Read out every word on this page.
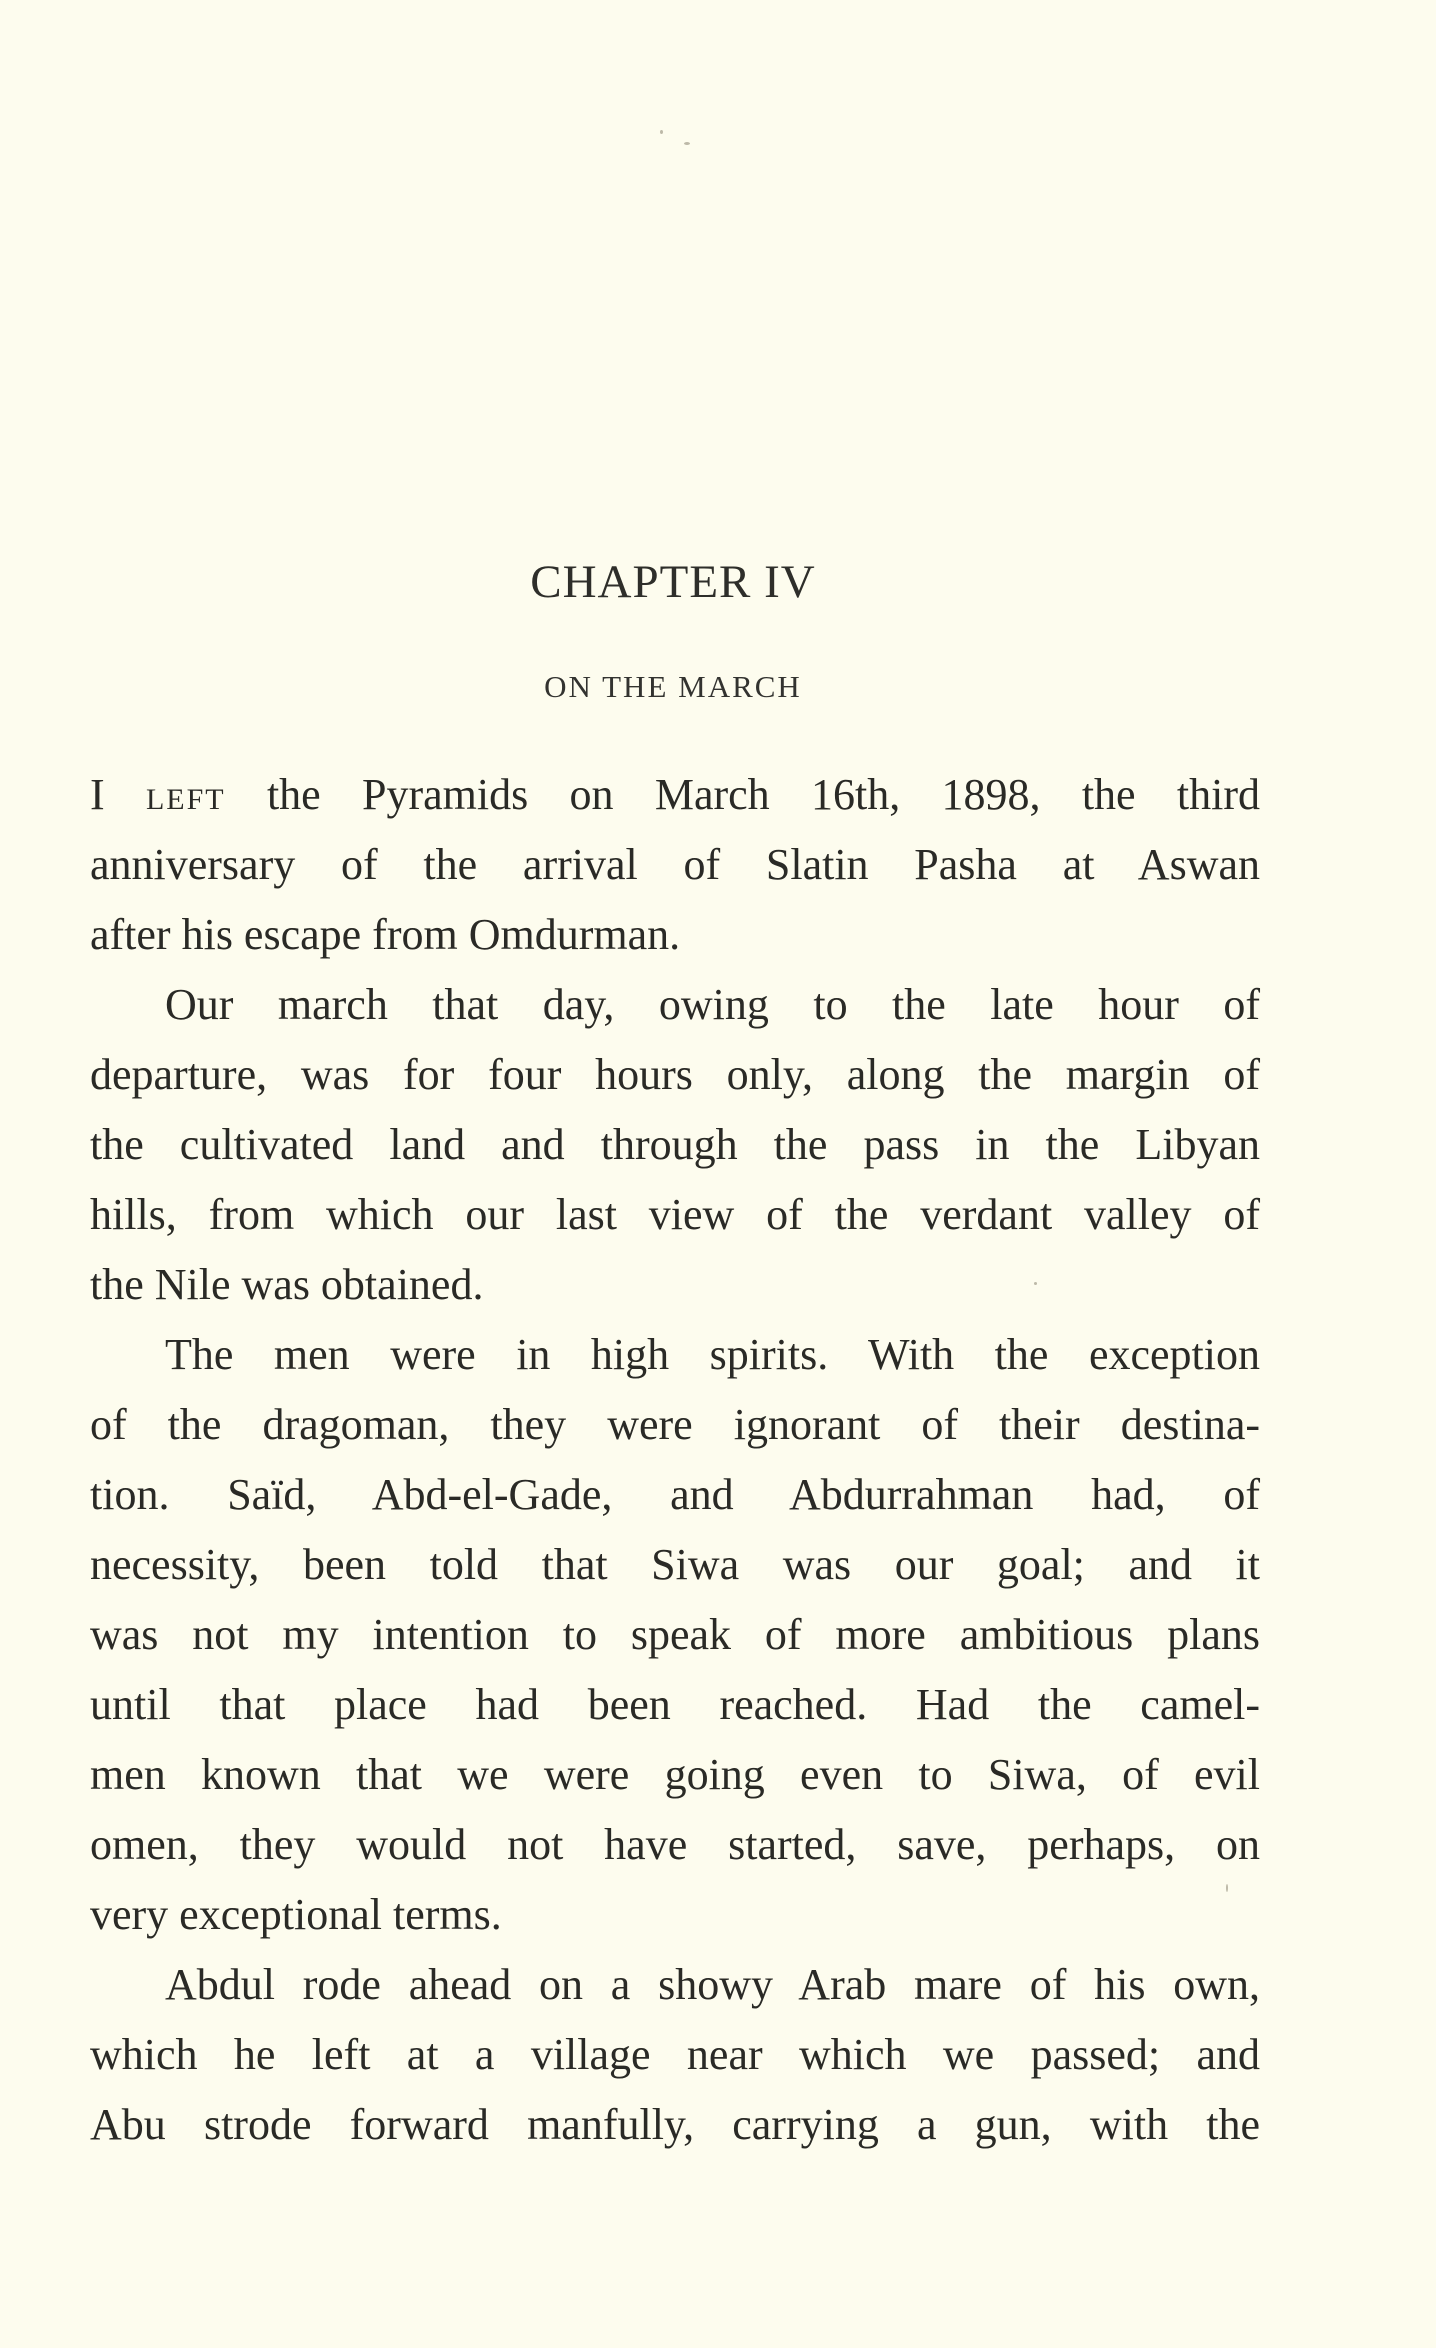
CHAPTER IV
ON THE MARCH
I LEFT the Pyramids on March 16th, 1898, the third
anniversary of the arrival of Slatin Pasha at Aswan
after his escape from Omdurman.
Our march that day, owing to the late hour of
departure, was for four hours only, along the margin of
the cultivated land and through the pass in the Libyan
hills, from which our last view of the verdant valley of
the Nile was obtained.
The men were in high spirits. With the exception
of the dragoman, they were ignorant of their destina-
tion. Saïd, Abd-el-Gade, and Abdurrahman had, of
necessity, been told that Siwa was our goal; and it
was not my intention to speak of more ambitious plans
until that place had been reached. Had the camel-
men known that we were going even to Siwa, of evil
omen, they would not have started, save, perhaps, on
very exceptional terms.
Abdul rode ahead on a showy Arab mare of his own,
which he left at a village near which we passed; and
Abu strode forward manfully, carrying a gun, with the
